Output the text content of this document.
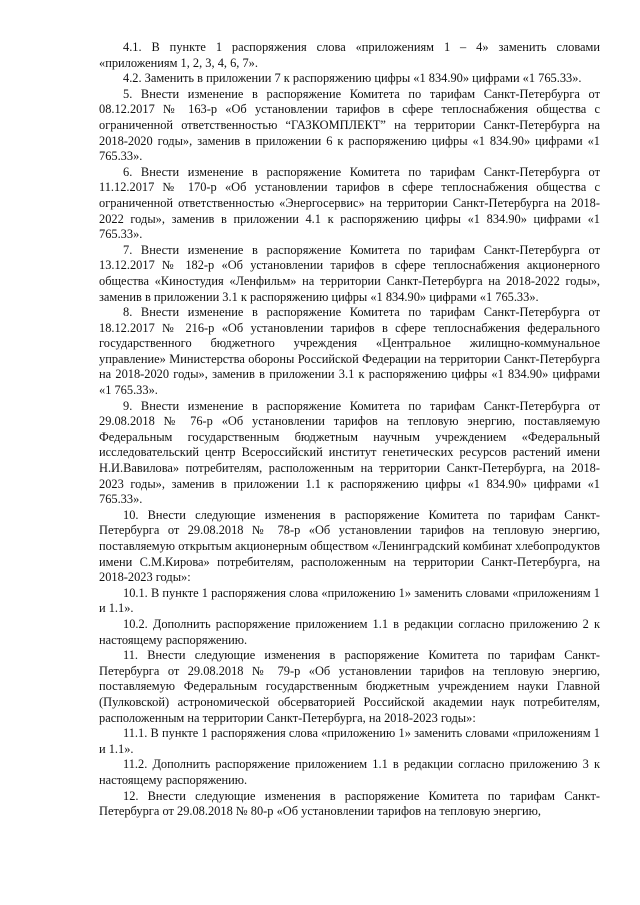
4.1. В пункте 1 распоряжения слова «приложениям 1 – 4» заменить словами «приложениям 1, 2, 3, 4, 6, 7».

4.2. Заменить в приложении 7 к распоряжению цифры «1 834.90» цифрами «1 765.33».

5. Внести изменение в распоряжение Комитета по тарифам Санкт-Петербурга от 08.12.2017 № 163-р «Об установлении тарифов в сфере теплоснабжения общества с ограниченной ответственностью “ГАЗКОМПЛЕКТ” на территории Санкт-Петербурга на 2018-2020 годы», заменив в приложении 6 к распоряжению цифры «1 834.90» цифрами «1 765.33».

6. Внести изменение в распоряжение Комитета по тарифам Санкт-Петербурга от 11.12.2017 № 170-р «Об установлении тарифов в сфере теплоснабжения общества с ограниченной ответственностью «Энергосервис» на территории Санкт-Петербурга на 2018-2022 годы», заменив в приложении 4.1 к распоряжению цифры «1 834.90» цифрами «1 765.33».

7. Внести изменение в распоряжение Комитета по тарифам Санкт-Петербурга от 13.12.2017 № 182-р «Об установлении тарифов в сфере теплоснабжения акционерного общества «Киностудия «Ленфильм» на территории Санкт-Петербурга на 2018-2022 годы», заменив в приложении 3.1 к распоряжению цифры «1 834.90» цифрами «1 765.33».

8. Внести изменение в распоряжение Комитета по тарифам Санкт-Петербурга от 18.12.2017 № 216-р «Об установлении тарифов в сфере теплоснабжения федерального государственного бюджетного учреждения «Центральное жилищно-коммунальное управление» Министерства обороны Российской Федерации на территории Санкт-Петербурга на 2018-2020 годы», заменив в приложении 3.1 к распоряжению цифры «1 834.90» цифрами «1 765.33».

9. Внести изменение в распоряжение Комитета по тарифам Санкт-Петербурга от 29.08.2018 № 76-р «Об установлении тарифов на тепловую энергию, поставляемую Федеральным государственным бюджетным научным учреждением «Федеральный исследовательский центр Всероссийский институт генетических ресурсов растений имени Н.И.Вавилова» потребителям, расположенным на территории Санкт-Петербурга, на 2018-2023 годы», заменив в приложении 1.1 к распоряжению цифры «1 834.90» цифрами «1 765.33».

10. Внести следующие изменения в распоряжение Комитета по тарифам Санкт-Петербурга от 29.08.2018 № 78-р «Об установлении тарифов на тепловую энергию, поставляемую открытым акционерным обществом «Ленинградский комбинат хлебопродуктов имени С.М.Кирова» потребителям, расположенным на территории Санкт-Петербурга, на 2018-2023 годы»:

10.1. В пункте 1 распоряжения слова «приложению 1» заменить словами «приложениям 1 и 1.1».

10.2. Дополнить распоряжение приложением 1.1 в редакции согласно приложению 2 к настоящему распоряжению.

11. Внести следующие изменения в распоряжение Комитета по тарифам Санкт-Петербурга от 29.08.2018 № 79-р «Об установлении тарифов на тепловую энергию, поставляемую Федеральным государственным бюджетным учреждением науки Главной (Пулковской) астрономической обсерваторией Российской академии наук потребителям, расположенным на территории Санкт-Петербурга, на 2018-2023 годы»:

11.1. В пункте 1 распоряжения слова «приложению 1» заменить словами «приложениям 1 и 1.1».

11.2. Дополнить распоряжение приложением 1.1 в редакции согласно приложению 3 к настоящему распоряжению.

12. Внести следующие изменения в распоряжение Комитета по тарифам Санкт-Петербурга от 29.08.2018 № 80-р «Об установлении тарифов на тепловую энергию,
